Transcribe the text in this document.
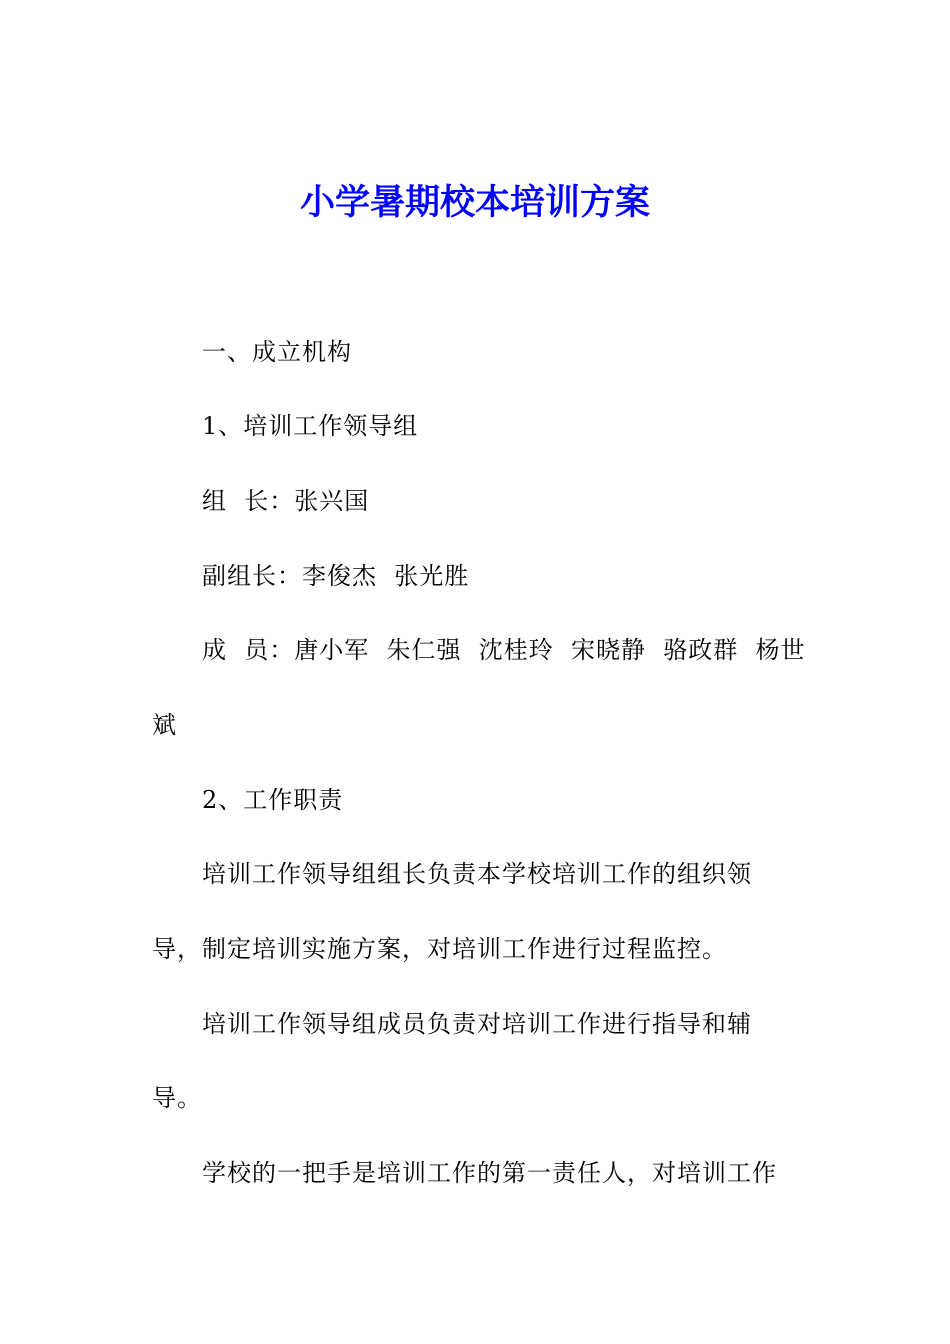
小学暑期校本培训方案
一、成立机构
1、培训工作领导组
组  长：张兴国
副组长：李俊杰  张光胜
成  员：唐小军  朱仁强  沈桂玲  宋晓静  骆政群  杨世
斌
2、工作职责
培训工作领导组组长负责本学校培训工作的组织领
导，制定培训实施方案，对培训工作进行过程监控。
培训工作领导组成员负责对培训工作进行指导和辅
导。
学校的一把手是培训工作的第一责任人，对培训工作
